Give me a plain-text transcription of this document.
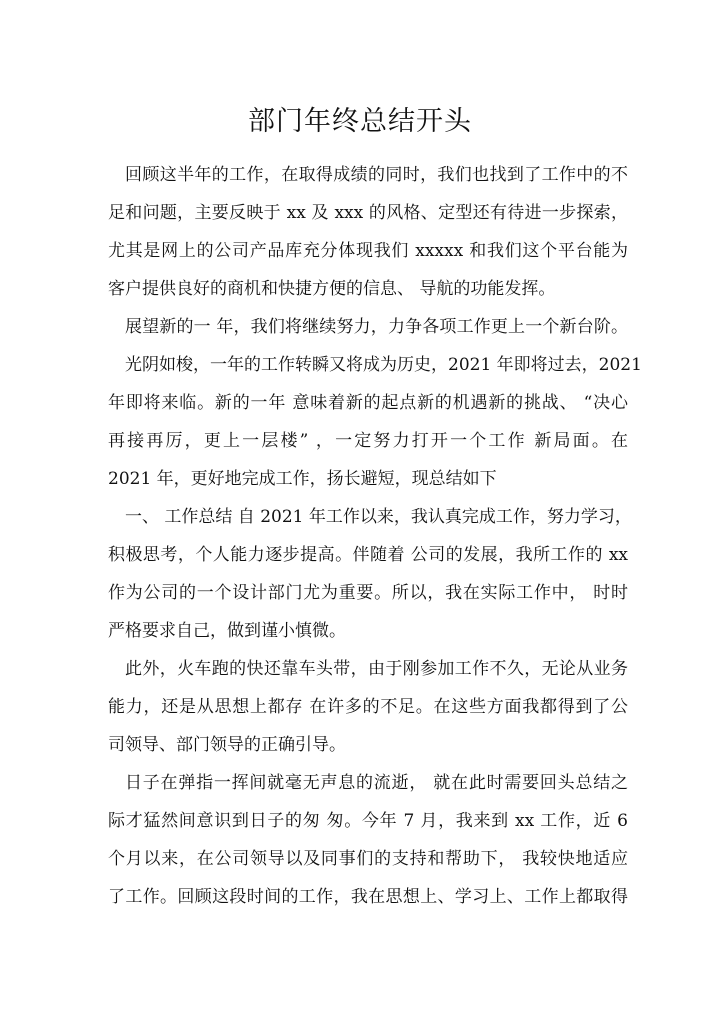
部门年终总结开头
回顾这半年的工作，在取得成绩的同时，我们也找到了工作中的不
足和问题，主要反映于 xx 及 xxx 的风格、定型还有待进一步探索，
尤其是网上的公司产品库充分体现我们 xxxxx 和我们这个平台能为
客户提供良好的商机和快捷方便的信息、 导航的功能发挥。
展望新的一 年，我们将继续努力，力争各项工作更上一个新台阶。
光阴如梭，一年的工作转瞬又将成为历史，2021 年即将过去，2021
年即将来临。新的一年 意味着新的起点新的机遇新的挑战、 “决心
再接再厉，更上一层楼” ，一定努力打开一个工作 新局面。在
2021 年，更好地完成工作，扬长避短，现总结如下
一、 工作总结 自 2021 年工作以来，我认真完成工作，努力学习，
积极思考，个人能力逐步提高。伴随着 公司的发展，我所工作的 xx
作为公司的一个设计部门尤为重要。所以，我在实际工作中， 时时
严格要求自己，做到谨小慎微。
此外，火车跑的快还靠车头带，由于刚参加工作不久，无论从业务
能力，还是从思想上都存 在许多的不足。在这些方面我都得到了公
司领导、部门领导的正确引导。
日子在弹指一挥间就毫无声息的流逝， 就在此时需要回头总结之
际才猛然间意识到日子的匆 匆。今年 7 月，我来到 xx 工作，近 6
个月以来，在公司领导以及同事们的支持和帮助下， 我较快地适应
了工作。回顾这段时间的工作，我在思想上、学习上、工作上都取得
